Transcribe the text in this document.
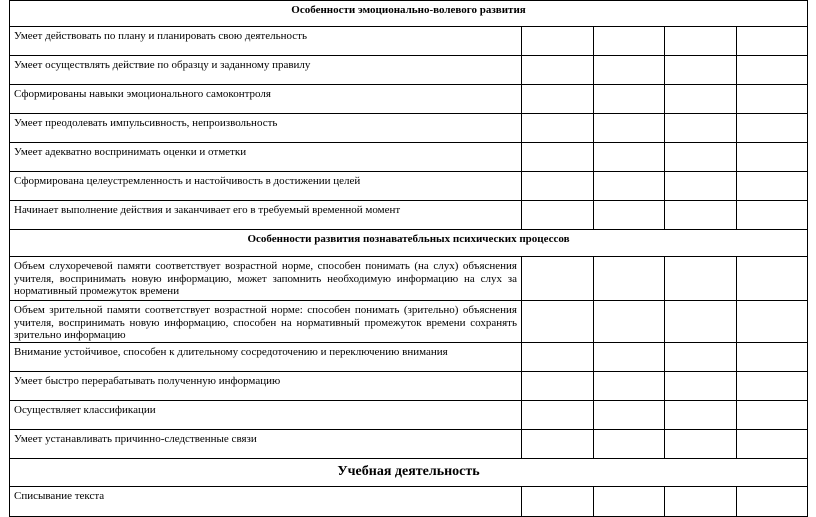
Особенности эмоционально-волевого развития				
Умеет действовать по плану и планировать свою деятельность				
Умеет осуществлять действие по образцу и заданному правилу				
Сформированы навыки эмоционального самоконтроля				
Умеет преодолевать импульсивность, непроизвольность				
Умеет адекватно воспринимать оценки и отметки				
Сформирована целеустремленность и настойчивость в достижении целей				
Начинает выполнение действия и заканчивает его в требуемый временной момент				
Особенности развития познаватебльных психических процессов				
Объем слухоречевой памяти соответствует возрастной норме, способен понимать (на слух) объяснения учителя, воспринимать новую информацию, может запомнить необходимую информацию на слух за нормативный промежуток времени				
Объем зрительной памяти соответствует возрастной норме: способен понимать (зрительно) объяснения учителя, воспринимать новую информацию, способен на нормативный промежуток времени сохранять зрительно информацию				
Внимание устойчивое, способен к длительному сосредоточению и переключению внимания				
Умеет быстро перерабатывать полученную информацию				
Осуществляет классификации				
Умеет устанавливать причинно-следственные связи				
Учебная деятельность				
Списывание текста				
